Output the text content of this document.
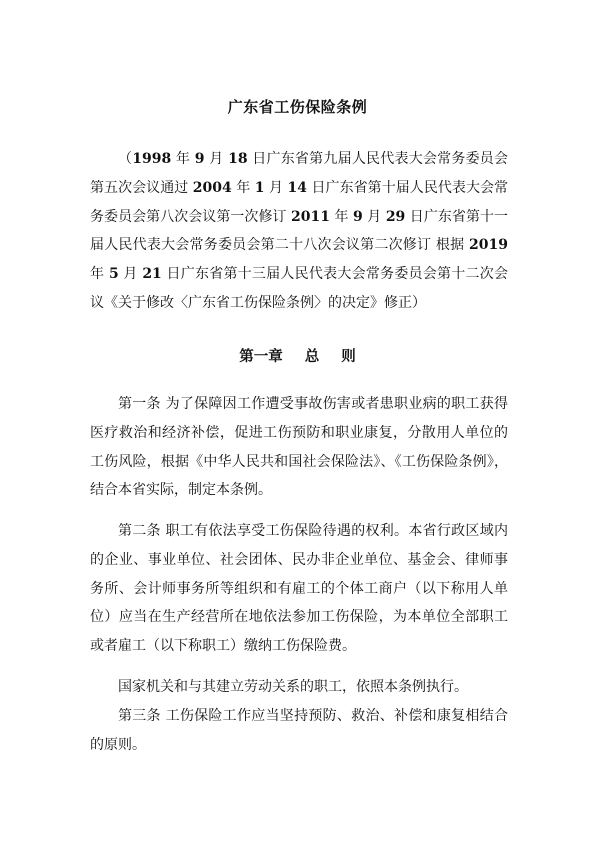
广东省工伤保险条例

（1998 年 9 月 18 日广东省第九届人民代表大会常务委员会第五次会议通过 2004 年 1 月 14 日广东省第十届人民代表大会常务委员会第八次会议第一次修订 2011 年 9 月 29 日广东省第十一届人民代表大会常务委员会第二十八次会议第二次修订 根据 2019 年 5 月 21 日广东省第十三届人民代表大会常务委员会第十二次会议《关于修改〈广东省工伤保险条例〉的决定》修正）

第一章 总 则

第一条 为了保障因工作遭受事故伤害或者患职业病的职工获得医疗救治和经济补偿，促进工伤预防和职业康复，分散用人单位的工伤风险，根据《中华人民共和国社会保险法》、《工伤保险条例》，结合本省实际，制定本条例。

第二条 职工有依法享受工伤保险待遇的权利。本省行政区域内的企业、事业单位、社会团体、民办非企业单位、基金会、律师事务所、会计师事务所等组织和有雇工的个体工商户（以下称用人单位）应当在生产经营所在地依法参加工伤保险，为本单位全部职工或者雇工（以下称职工）缴纳工伤保险费。

国家机关和与其建立劳动关系的职工，依照本条例执行。

第三条 工伤保险工作应当坚持预防、救治、补偿和康复相结合的原则。
